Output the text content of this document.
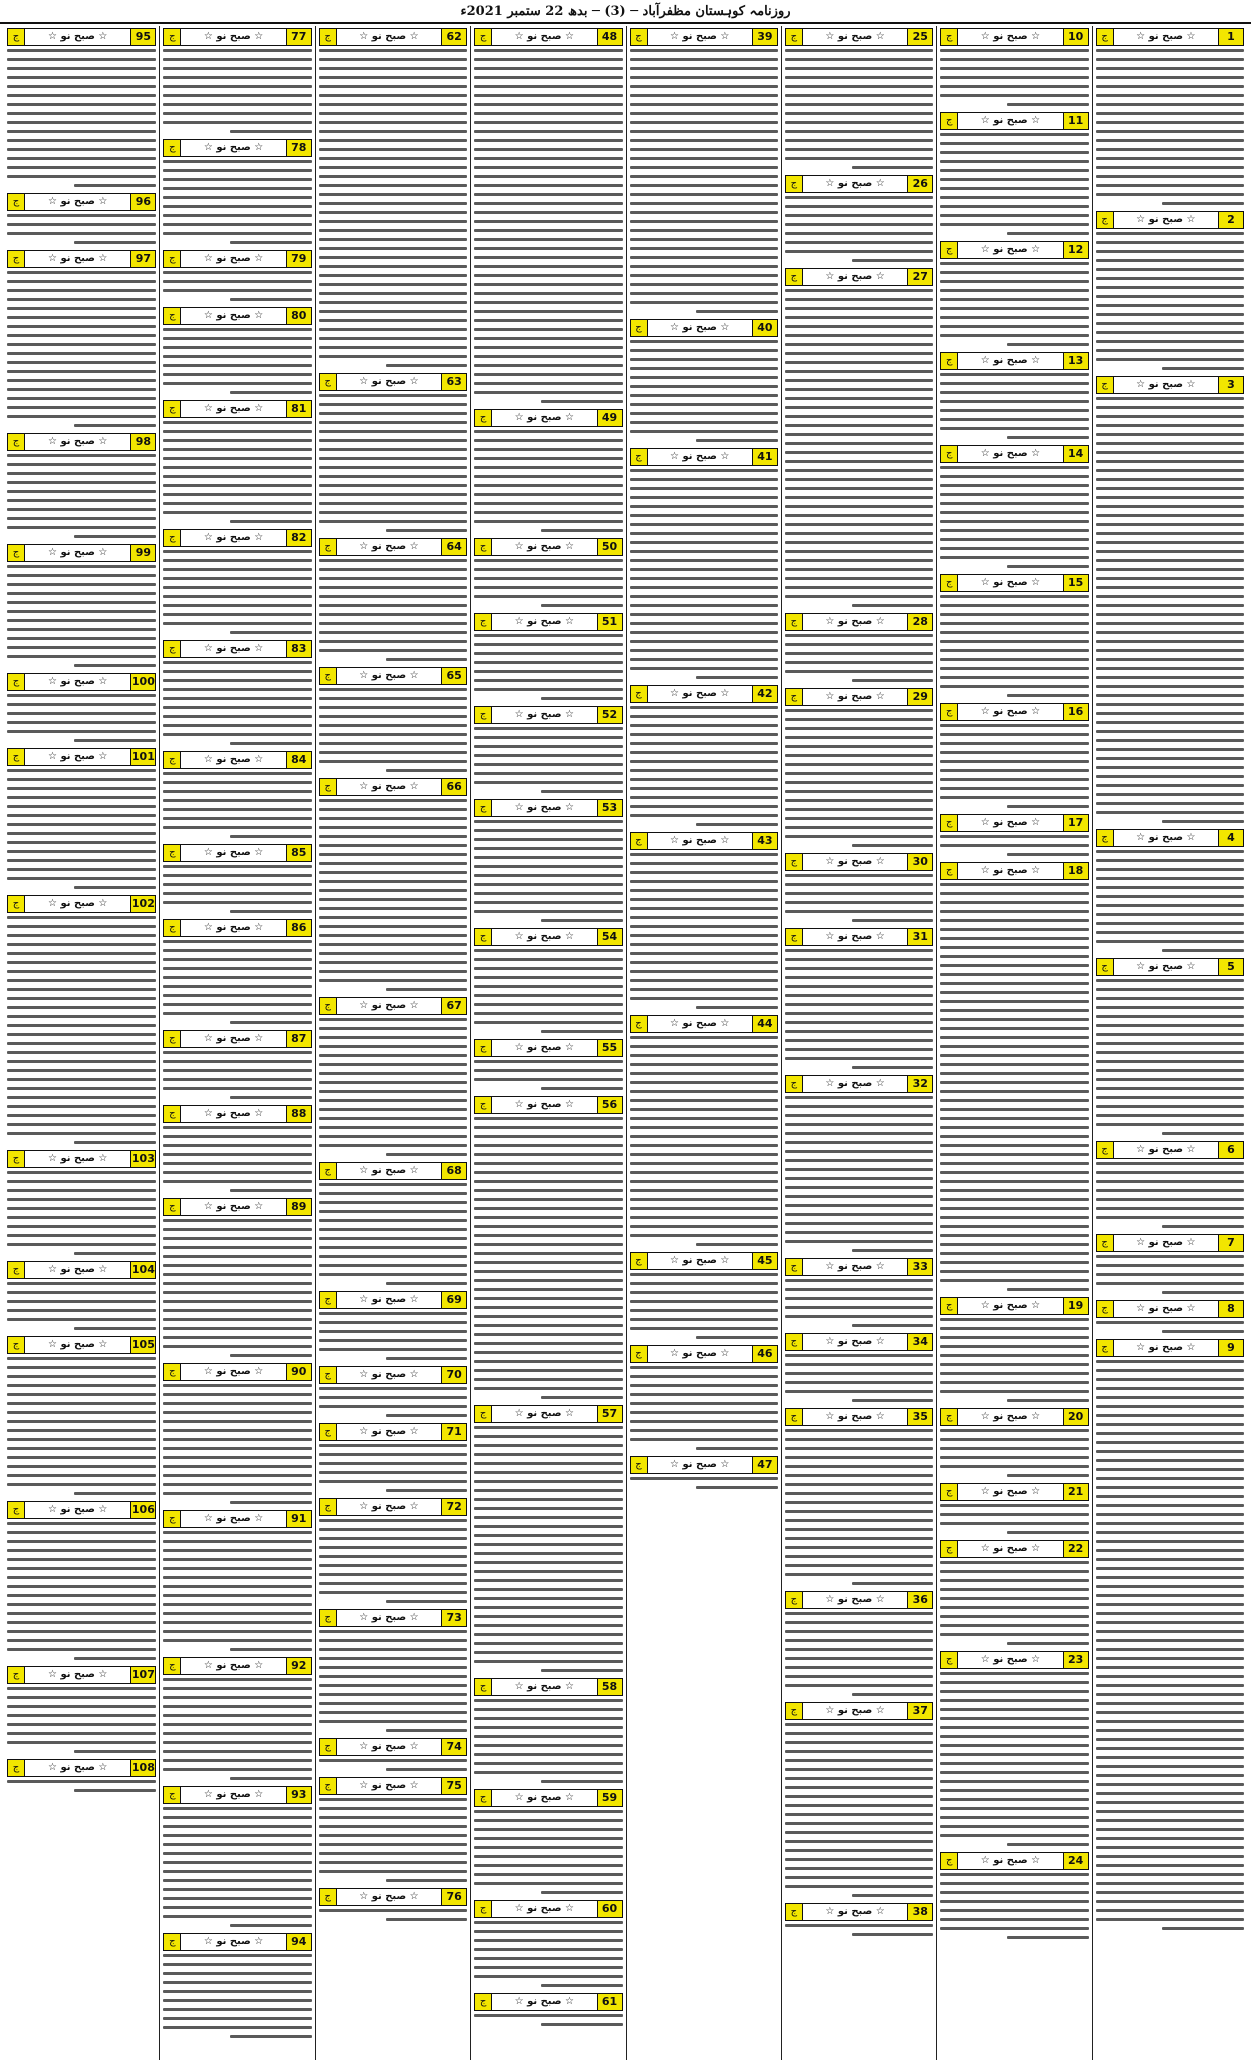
روزنامہ کوہستان مظفرآباد ─ (3) ─ بدھ 22 ستمبر 2021ء
1
☆ صبح نو ☆
ج
2
☆ صبح نو ☆
ج
3
☆ صبح نو ☆
ج
4
☆ صبح نو ☆
ج
5
☆ صبح نو ☆
ج
6
☆ صبح نو ☆
ج
7
☆ صبح نو ☆
ج
8
☆ صبح نو ☆
ج
9
☆ صبح نو ☆
ج
10
☆ صبح نو ☆
ج
11
☆ صبح نو ☆
ج
12
☆ صبح نو ☆
ج
13
☆ صبح نو ☆
ج
14
☆ صبح نو ☆
ج
15
☆ صبح نو ☆
ج
16
☆ صبح نو ☆
ج
17
☆ صبح نو ☆
ج
18
☆ صبح نو ☆
ج
19
☆ صبح نو ☆
ج
20
☆ صبح نو ☆
ج
21
☆ صبح نو ☆
ج
22
☆ صبح نو ☆
ج
23
☆ صبح نو ☆
ج
24
☆ صبح نو ☆
ج
25
☆ صبح نو ☆
ج
26
☆ صبح نو ☆
ج
27
☆ صبح نو ☆
ج
28
☆ صبح نو ☆
ج
29
☆ صبح نو ☆
ج
30
☆ صبح نو ☆
ج
31
☆ صبح نو ☆
ج
32
☆ صبح نو ☆
ج
33
☆ صبح نو ☆
ج
34
☆ صبح نو ☆
ج
35
☆ صبح نو ☆
ج
36
☆ صبح نو ☆
ج
37
☆ صبح نو ☆
ج
38
☆ صبح نو ☆
ج
39
☆ صبح نو ☆
ج
40
☆ صبح نو ☆
ج
41
☆ صبح نو ☆
ج
42
☆ صبح نو ☆
ج
43
☆ صبح نو ☆
ج
44
☆ صبح نو ☆
ج
45
☆ صبح نو ☆
ج
46
☆ صبح نو ☆
ج
47
☆ صبح نو ☆
ج
48
☆ صبح نو ☆
ج
49
☆ صبح نو ☆
ج
50
☆ صبح نو ☆
ج
51
☆ صبح نو ☆
ج
52
☆ صبح نو ☆
ج
53
☆ صبح نو ☆
ج
54
☆ صبح نو ☆
ج
55
☆ صبح نو ☆
ج
56
☆ صبح نو ☆
ج
57
☆ صبح نو ☆
ج
58
☆ صبح نو ☆
ج
59
☆ صبح نو ☆
ج
60
☆ صبح نو ☆
ج
61
☆ صبح نو ☆
ج
62
☆ صبح نو ☆
ج
63
☆ صبح نو ☆
ج
64
☆ صبح نو ☆
ج
65
☆ صبح نو ☆
ج
66
☆ صبح نو ☆
ج
67
☆ صبح نو ☆
ج
68
☆ صبح نو ☆
ج
69
☆ صبح نو ☆
ج
70
☆ صبح نو ☆
ج
71
☆ صبح نو ☆
ج
72
☆ صبح نو ☆
ج
73
☆ صبح نو ☆
ج
74
☆ صبح نو ☆
ج
75
☆ صبح نو ☆
ج
76
☆ صبح نو ☆
ج
77
☆ صبح نو ☆
ج
78
☆ صبح نو ☆
ج
79
☆ صبح نو ☆
ج
80
☆ صبح نو ☆
ج
81
☆ صبح نو ☆
ج
82
☆ صبح نو ☆
ج
83
☆ صبح نو ☆
ج
84
☆ صبح نو ☆
ج
85
☆ صبح نو ☆
ج
86
☆ صبح نو ☆
ج
87
☆ صبح نو ☆
ج
88
☆ صبح نو ☆
ج
89
☆ صبح نو ☆
ج
90
☆ صبح نو ☆
ج
91
☆ صبح نو ☆
ج
92
☆ صبح نو ☆
ج
93
☆ صبح نو ☆
ج
94
☆ صبح نو ☆
ج
95
☆ صبح نو ☆
ج
96
☆ صبح نو ☆
ج
97
☆ صبح نو ☆
ج
98
☆ صبح نو ☆
ج
99
☆ صبح نو ☆
ج
100
☆ صبح نو ☆
ج
101
☆ صبح نو ☆
ج
102
☆ صبح نو ☆
ج
103
☆ صبح نو ☆
ج
104
☆ صبح نو ☆
ج
105
☆ صبح نو ☆
ج
106
☆ صبح نو ☆
ج
107
☆ صبح نو ☆
ج
108
☆ صبح نو ☆
ج
